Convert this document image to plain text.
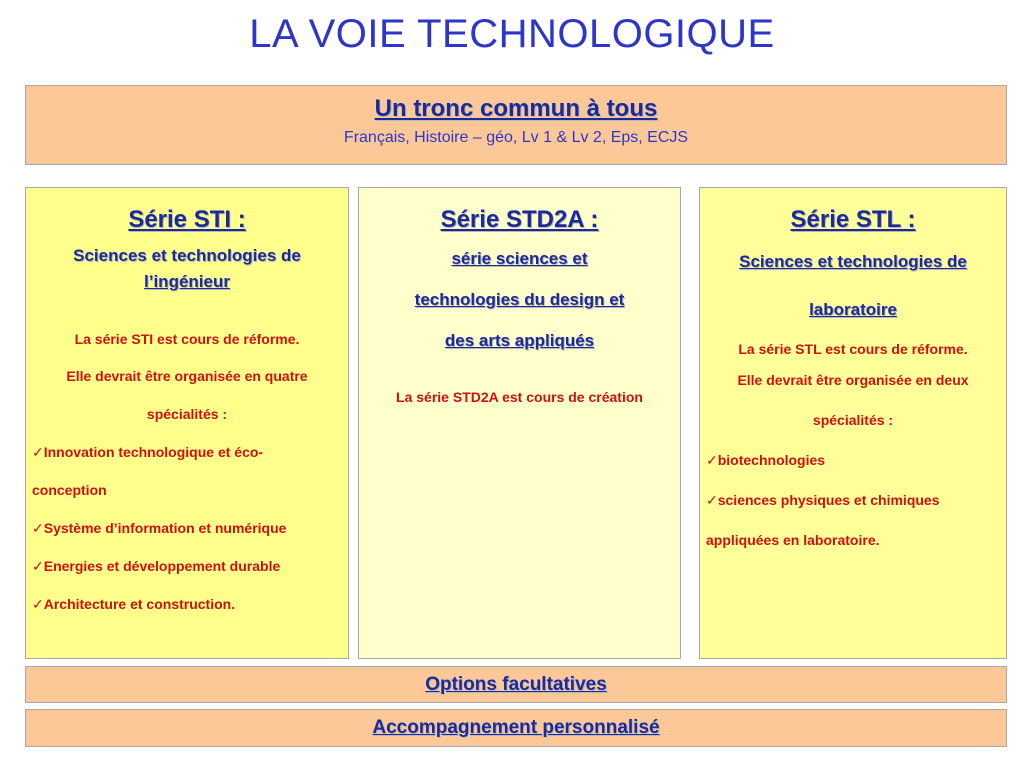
LA VOIE TECHNOLOGIQUE
Un tronc commun à tous
Français, Histoire – géo, Lv 1 & Lv 2, Eps, ECJS
Série STI :
Sciences et technologies de
l’ingénieur
La série STI est cours de réforme.
Elle devrait être organisée en quatre
spécialités :
✓Innovation technologique et éco-
conception
✓Système d’information et numérique
✓Energies et développement durable
✓Architecture et construction.
Série STD2A :
série sciences et
technologies du design et
des arts appliqués
La série STD2A est cours de création
Série STL :
Sciences et technologies de
laboratoire
La série STL est cours de réforme.
Elle devrait être organisée en deux
spécialités :
✓biotechnologies
✓sciences physiques et chimiques
appliquées en laboratoire.
Options facultatives
Accompagnement personnalisé
